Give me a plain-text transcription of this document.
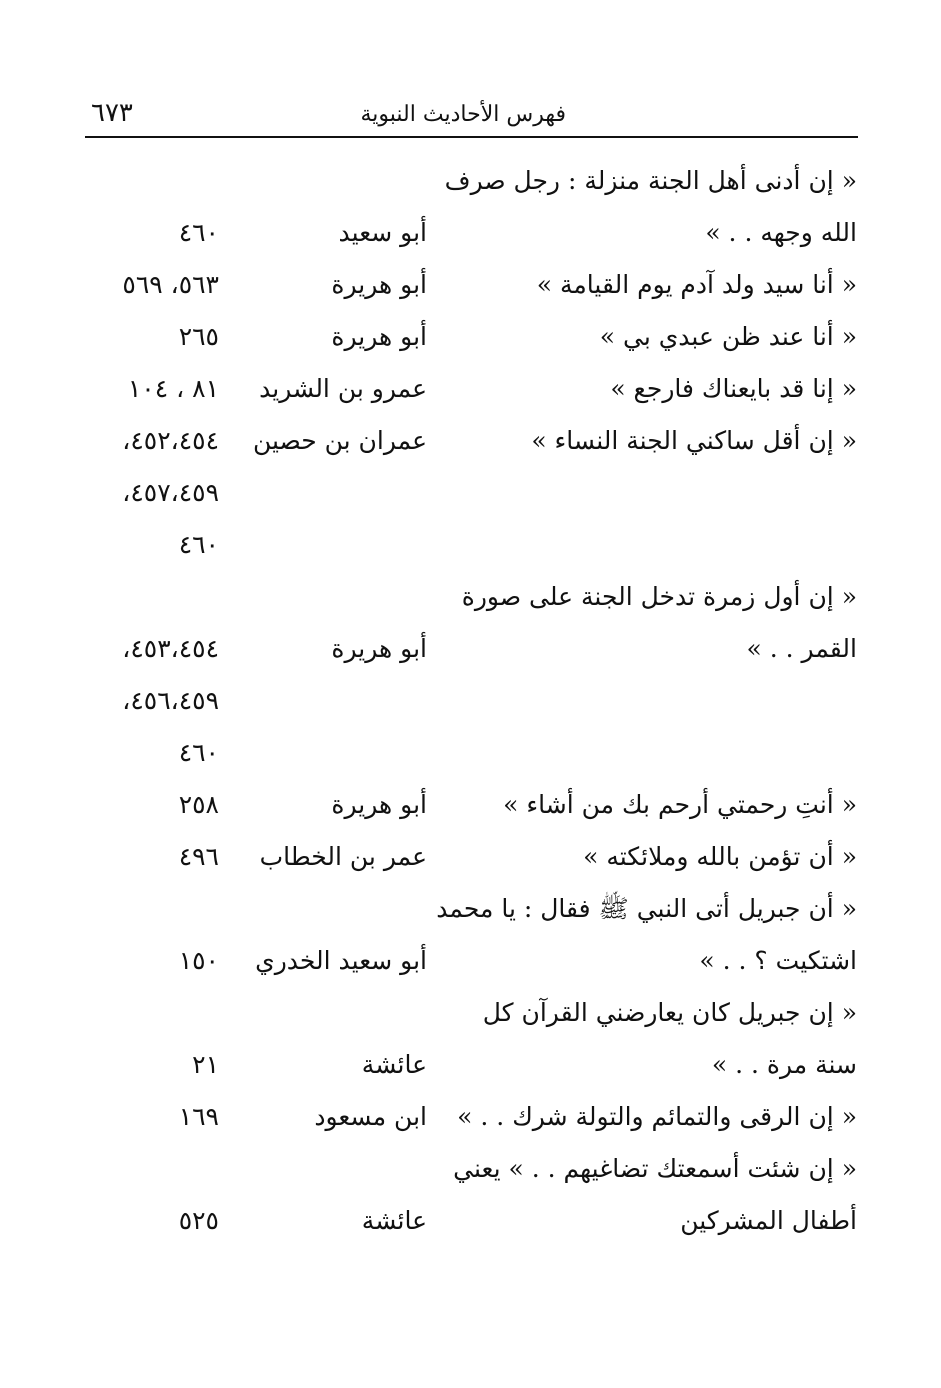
٦٧٣	فهرس الأحاديث النبوية
« إن أدنى أهل الجنة منزلة : رجل صرف
الله وجهه . . »
أبو سعيد
٤٦٠
« أنا سيد ولد آدم يوم القيامة »
أبو هريرة
٥٦٣، ٥٦٩
« أنا عند ظن عبدي بي »
أبو هريرة
٢٦٥
« إنا قد بايعناك فارجع »
عمرو بن الشريد
٨١ ، ١٠٤
« إن أقل ساكني الجنة النساء »
عمران بن حصين
٤٥٢،٤٥٤،
٤٥٧،٤٥٩،
٤٦٠
« إن أول زمرة تدخل الجنة على صورة
القمر . . »
أبو هريرة
٤٥٣،٤٥٤،
٤٥٦،٤٥٩،
٤٦٠
« أنتِ رحمتي أرحم بك من أشاء »
أبو هريرة
٢٥٨
« أن تؤمن بالله وملائكته »
عمر بن الخطاب
٤٩٦
« أن جبريل أتى النبي ﷺ فقال : يا محمد
اشتكيت ؟ . . »
أبو سعيد الخدري
١٥٠
« إن جبريل كان يعارضني القرآن كل
سنة مرة . . »
عائشة
٢١
« إن الرقى والتمائم والتولة شرك . . »
ابن مسعود
١٦٩
« إن شئت أسمعتك تضاغيهم . . » يعني
أطفال المشركين
عائشة
٥٢٥
